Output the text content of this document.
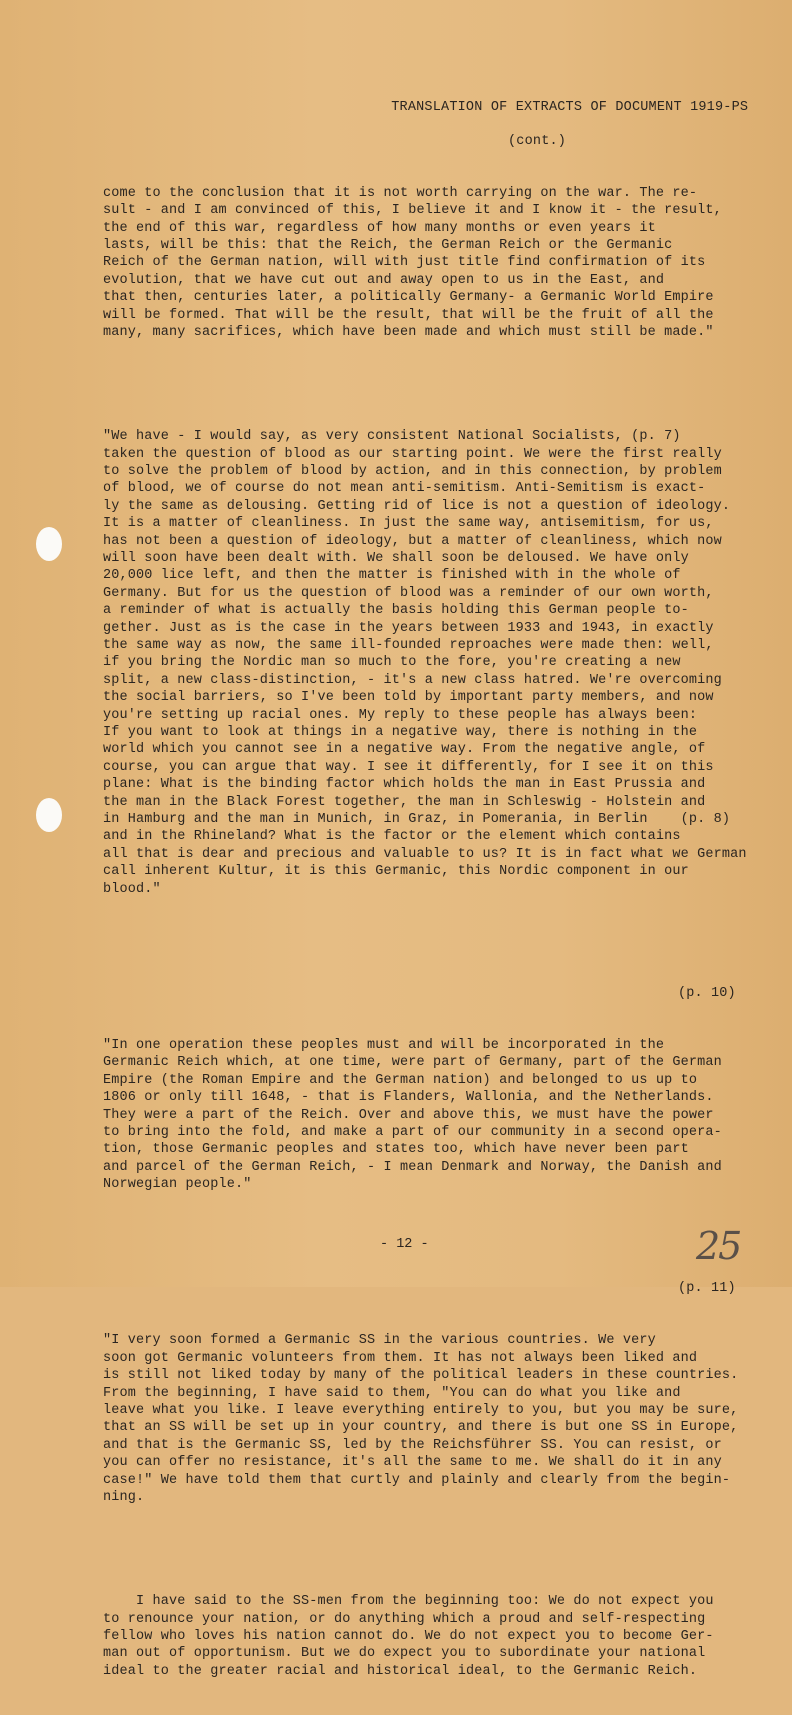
TRANSLATION OF EXTRACTS OF DOCUMENT 1919-PS

(cont.)

come to the conclusion that it is not worth carrying on the war. The re-
sult - and I am convinced of this, I believe it and I know it - the result,
the end of this war, regardless of how many months or even years it
lasts, will be this: that the Reich, the German Reich or the Germanic
Reich of the German nation, will with just title find confirmation of its
evolution, that we have cut out and away open to us in the East, and
that then, centuries later, a politically Germany- a Germanic World Empire
will be formed. That will be the result, that will be the fruit of all the
many, many sacrifices, which have been made and which must still be made."

"We have - I would say, as very consistent National Socialists, (p. 7)
taken the question of blood as our starting point. We were the first really
to solve the problem of blood by action, and in this connection, by problem
of blood, we of course do not mean anti-semitism. Anti-Semitism is exact-
ly the same as delousing. Getting rid of lice is not a question of ideology.
It is a matter of cleanliness. In just the same way, antisemitism, for us,
has not been a question of ideology, but a matter of cleanliness, which now
will soon have been dealt with. We shall soon be deloused. We have only
20,000 lice left, and then the matter is finished with in the whole of
Germany. But for us the question of blood was a reminder of our own worth,
a reminder of what is actually the basis holding this German people to-
gether. Just as is the case in the years between 1933 and 1943, in exactly
the same way as now, the same ill-founded reproaches were made then: well,
if you bring the Nordic man so much to the fore, you're creating a new
split, a new class-distinction, - it's a new class hatred. We're overcoming
the social barriers, so I've been told by important party members, and now
you're setting up racial ones. My reply to these people has always been:
If you want to look at things in a negative way, there is nothing in the
world which you cannot see in a negative way. From the negative angle, of
course, you can argue that way. I see it differently, for I see it on this
plane: What is the binding factor which holds the man in East Prussia and
the man in the Black Forest together, the man in Schleswig - Holstein and
in Hamburg and the man in Munich, in Graz, in Pomerania, in Berlin    (p. 8)
and in the Rhineland? What is the factor or the element which contains
all that is dear and precious and valuable to us? It is in fact what we German
call inherent Kultur, it is this Germanic, this Nordic component in our
blood."

(p. 10)

"In one operation these peoples must and will be incorporated in the
Germanic Reich which, at one time, were part of Germany, part of the German
Empire (the Roman Empire and the German nation) and belonged to us up to
1806 or only till 1648, - that is Flanders, Wallonia, and the Netherlands.
They were a part of the Reich. Over and above this, we must have the power
to bring into the fold, and make a part of our community in a second opera-
tion, those Germanic peoples and states too, which have never been part
and parcel of the German Reich, - I mean Denmark and Norway, the Danish and
Norwegian people."

(p. 11)

"I very soon formed a Germanic SS in the various countries. We very
soon got Germanic volunteers from them. It has not always been liked and
is still not liked today by many of the political leaders in these countries.
From the beginning, I have said to them, "You can do what you like and
leave what you like. I leave everything entirely to you, but you may be sure,
that an SS will be set up in your country, and there is but one SS in Europe,
and that is the Germanic SS, led by the Reichsführer SS. You can resist, or
you can offer no resistance, it's all the same to me. We shall do it in any
case!" We have told them that curtly and plainly and clearly from the begin-
ning.

I have said to the SS-men from the beginning too: We do not expect you
to renounce your nation, or do anything which a proud and self-respecting
fellow who loves his nation cannot do. We do not expect you to become Ger-
man out of opportunism. But we do expect you to subordinate your national
ideal to the greater racial and historical ideal, to the Germanic Reich.

- 12 -	25
